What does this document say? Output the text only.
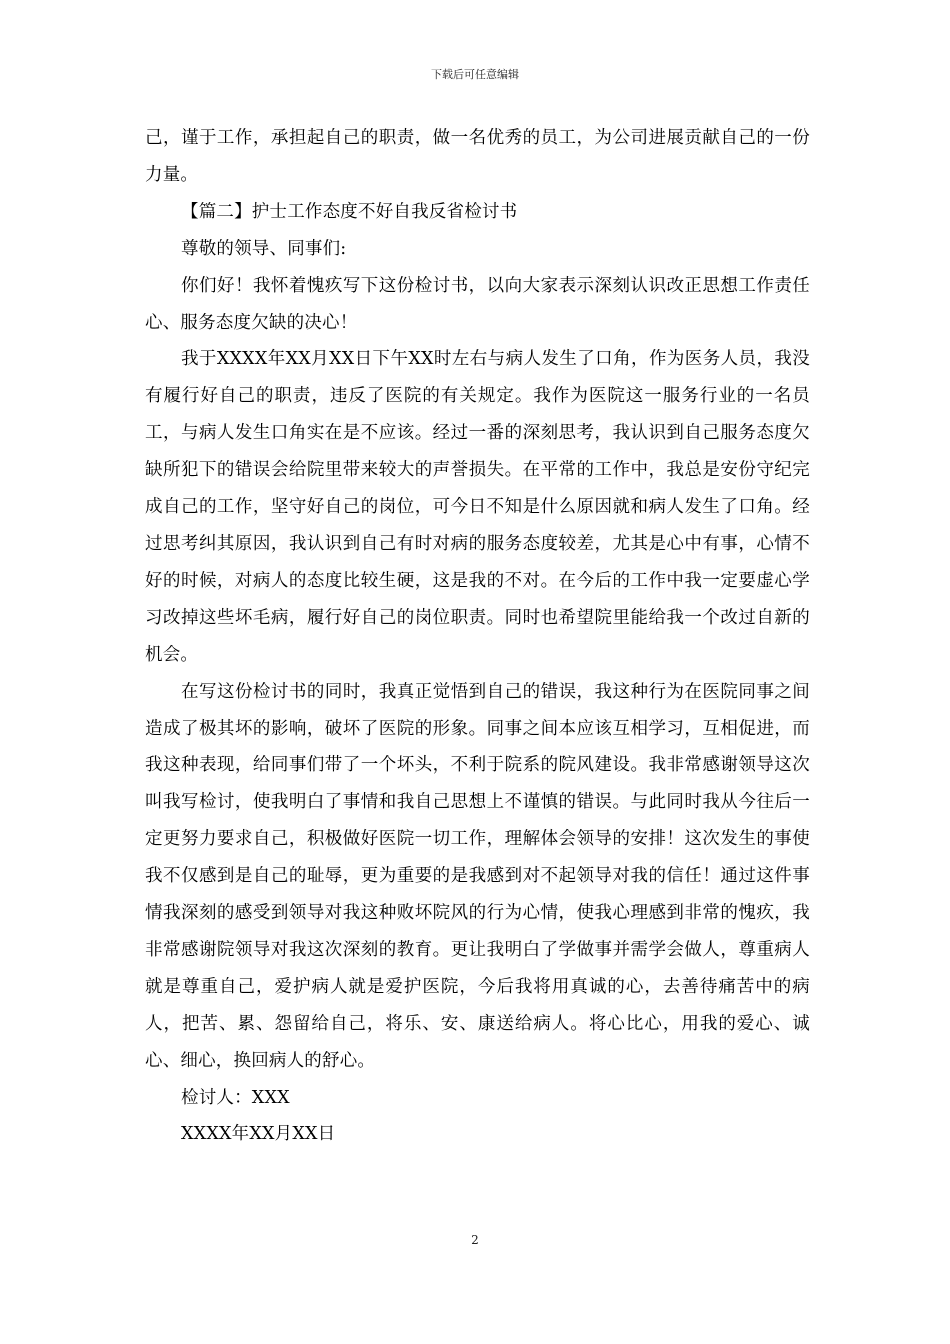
下载后可任意编辑

己，谨于工作，承担起自己的职责，做一名优秀的员工，为公司进展贡献自己的一份力量。

【篇二】护士工作态度不好自我反省检讨书

尊敬的领导、同事们:

你们好！我怀着愧疚写下这份检讨书，以向大家表示深刻认识改正思想工作责任心、服务态度欠缺的决心！

我于XXXX年XX月XX日下午XX时左右与病人发生了口角，作为医务人员，我没有履行好自己的职责，违反了医院的有关规定。我作为医院这一服务行业的一名员工，与病人发生口角实在是不应该。经过一番的深刻思考，我认识到自己服务态度欠缺所犯下的错误会给院里带来较大的声誉损失。在平常的工作中，我总是安份守纪完成自己的工作，坚守好自己的岗位，可今日不知是什么原因就和病人发生了口角。经过思考纠其原因，我认识到自己有时对病的服务态度较差，尤其是心中有事，心情不好的时候，对病人的态度比较生硬，这是我的不对。在今后的工作中我一定要虚心学习改掉这些坏毛病，履行好自己的岗位职责。同时也希望院里能给我一个改过自新的机会。

在写这份检讨书的同时，我真正觉悟到自己的错误，我这种行为在医院同事之间造成了极其坏的影响，破坏了医院的形象。同事之间本应该互相学习，互相促进，而我这种表现，给同事们带了一个坏头，不利于院系的院风建设。我非常感谢领导这次叫我写检讨，使我明白了事情和我自己思想上不谨慎的错误。与此同时我从今往后一定更努力要求自己，积极做好医院一切工作，理解体会领导的安排！这次发生的事使我不仅感到是自己的耻辱，更为重要的是我感到对不起领导对我的信任！通过这件事情我深刻的感受到领导对我这种败坏院风的行为心情，使我心理感到非常的愧疚，我非常感谢院领导对我这次深刻的教育。更让我明白了学做事并需学会做人，尊重病人就是尊重自己，爱护病人就是爱护医院，今后我将用真诚的心，去善待痛苦中的病人，把苦、累、怨留给自己，将乐、安、康送给病人。将心比心，用我的爱心、诚心、细心，换回病人的舒心。

检讨人：XXX

XXXX年XX月XX日

2
